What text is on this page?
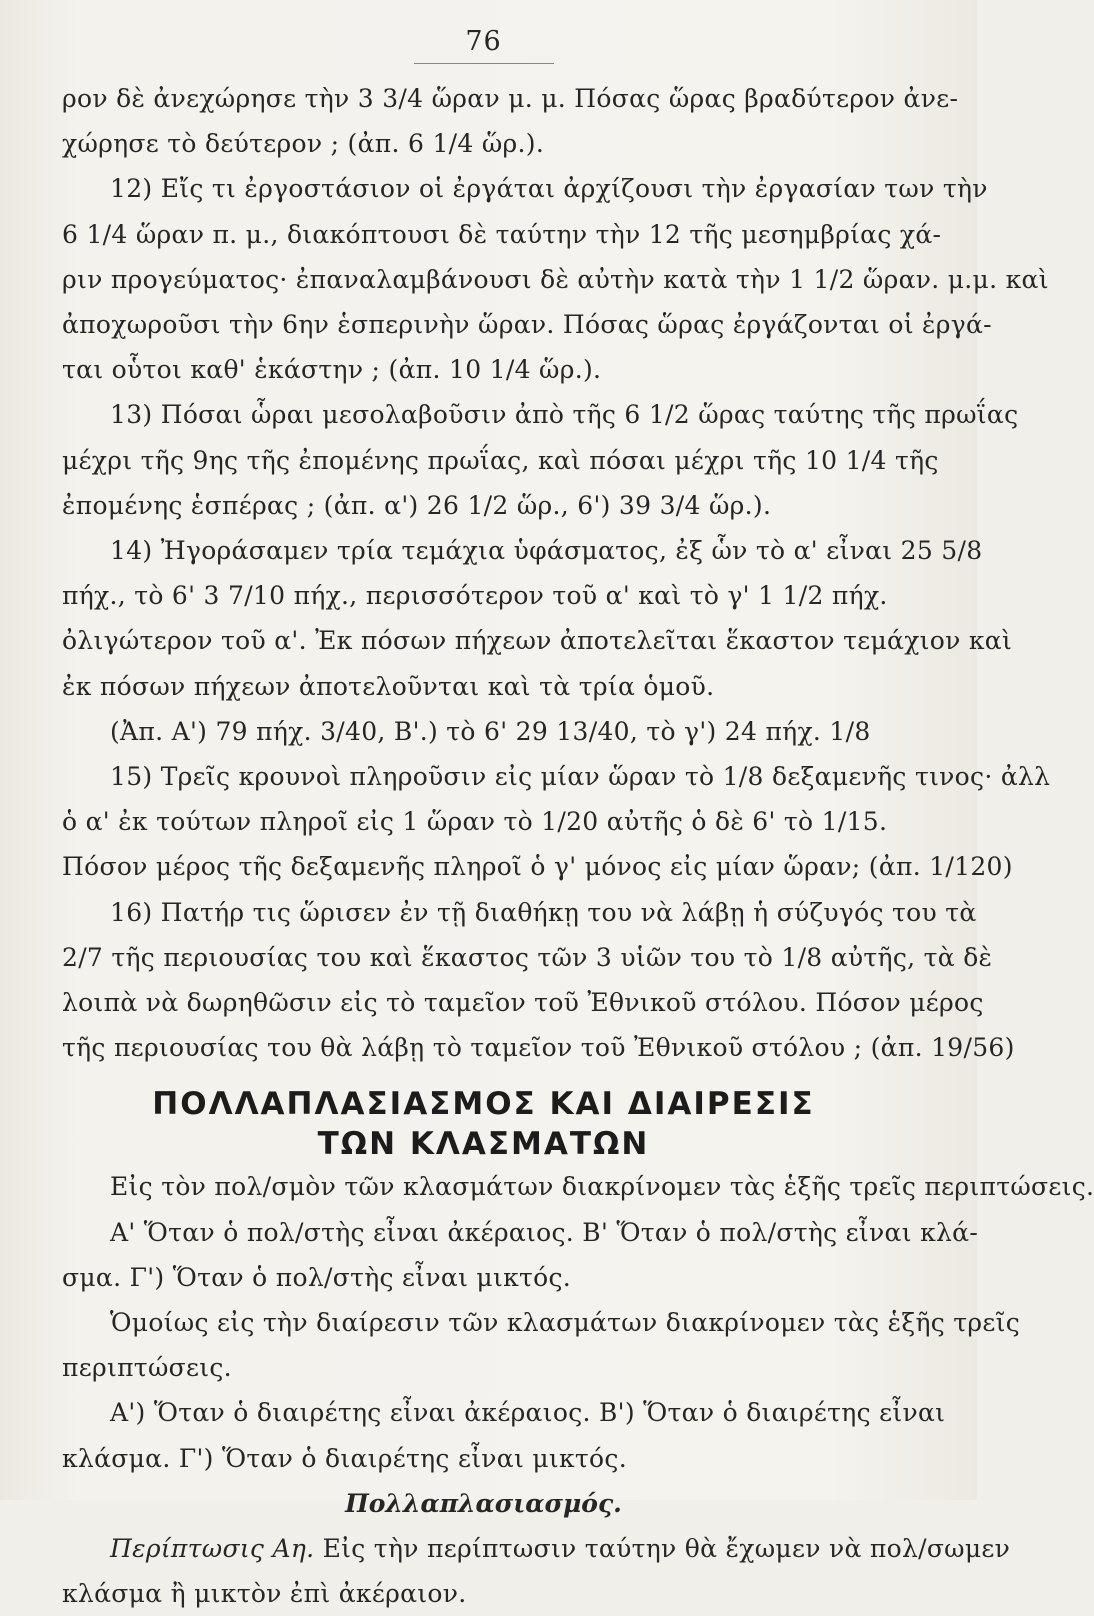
76
ρον δὲ ἀνεχώρησε τὴν 3 3/4 ὥραν μ. μ. Πόσας ὥρας βραδύτερον ἀνε-
χώρησε τὸ δεύτερον ; (ἀπ. 6 1/4 ὥρ.).
12) Εἴς τι ἐργοστάσιον οἱ ἐργάται ἀρχίζουσι τὴν ἐργασίαν των τὴν
6 1/4 ὥραν π. μ., διακόπτουσι δὲ ταύτην τὴν 12 τῆς μεσημβρίας χά-
ριν προγεύματος· ἐπαναλαμβάνουσι δὲ αὐτὴν κατὰ τὴν 1 1/2 ὥραν. μ.μ. καὶ
ἀποχωροῦσι τὴν 6ην ἑσπερινὴν ὥραν. Πόσας ὥρας ἐργάζονται οἱ ἐργά-
ται οὗτοι καθ' ἑκάστην ; (ἀπ. 10 1/4 ὥρ.).
13) Πόσαι ὧραι μεσολαβοῦσιν ἀπὸ τῆς 6 1/2 ὥρας ταύτης τῆς πρωΐας
μέχρι τῆς 9ης τῆς ἐπομένης πρωΐας, καὶ πόσαι μέχρι τῆς 10 1/4 τῆς
ἐπομένης ἑσπέρας ; (ἀπ. α') 26 1/2 ὥρ., 6') 39 3/4 ὥρ.).
14) Ἠγοράσαμεν τρία τεμάχια ὑφάσματος, ἐξ ὧν τὸ α' εἶναι 25 5/8
πήχ., τὸ 6' 3 7/10 πήχ., περισσότερον τοῦ α' καὶ τὸ γ' 1 1/2 πήχ.
ὀλιγώτερον τοῦ α'. Ἐκ πόσων πήχεων ἀποτελεῖται ἕκαστον τεμάχιον καὶ
ἐκ πόσων πήχεων ἀποτελοῦνται καὶ τὰ τρία ὁμοῦ.
(Ἀπ. Α') 79 πήχ. 3/40, Β'.) τὸ 6' 29 13/40, τὸ γ') 24 πήχ. 1/8
15) Τρεῖς κρουνοὶ πληροῦσιν εἰς μίαν ὥραν τὸ 1/8 δεξαμενῆς τινος· ἀλλ
ὁ α' ἐκ τούτων πληροῖ εἰς 1 ὥραν τὸ 1/20 αὐτῆς ὁ δὲ 6' τὸ 1/15.
Πόσον μέρος τῆς δεξαμενῆς πληροῖ ὁ γ' μόνος εἰς μίαν ὥραν; (ἀπ. 1/120)
16) Πατήρ τις ὥρισεν ἐν τῇ διαθήκῃ του νὰ λάβῃ ἡ σύζυγός του τὰ
2/7 τῆς περιουσίας του καὶ ἕκαστος τῶν 3 υἱῶν του τὸ 1/8 αὐτῆς, τὰ δὲ
λοιπὰ νὰ δωρηθῶσιν εἰς τὸ ταμεῖον τοῦ Ἐθνικοῦ στόλου. Πόσον μέρος
τῆς περιουσίας του θὰ λάβῃ τὸ ταμεῖον τοῦ Ἐθνικοῦ στόλου ; (ἀπ. 19/56)
ΠΟΛΛΑΠΛΑΣΙΑΣΜΟΣ ΚΑΙ ΔΙΑΙΡΕΣΙΣ
ΤΩΝ ΚΛΑΣΜΑΤΩΝ
Εἰς τὸν πολ/σμὸν τῶν κλασμάτων διακρίνομεν τὰς ἑξῆς τρεῖς περιπτώσεις.
Α' Ὅταν ὁ πολ/στὴς εἶναι ἀκέραιος. Β' Ὅταν ὁ πολ/στὴς εἶναι κλά-
σμα. Γ') Ὅταν ὁ πολ/στὴς εἶναι μικτός.
Ὁμοίως εἰς τὴν διαίρεσιν τῶν κλασμάτων διακρίνομεν τὰς ἑξῆς τρεῖς
περιπτώσεις.
Α') Ὅταν ὁ διαιρέτης εἶναι ἀκέραιος. Β') Ὅταν ὁ διαιρέτης εἶναι
κλάσμα. Γ') Ὅταν ὁ διαιρέτης εἶναι μικτός.
Πολλαπλασιασμός.
Περίπτωσις Αη. Εἰς τὴν περίπτωσιν ταύτην θὰ ἔχωμεν νὰ πολ/σωμεν
κλάσμα ἢ μικτὸν ἐπὶ ἀκέραιον.
